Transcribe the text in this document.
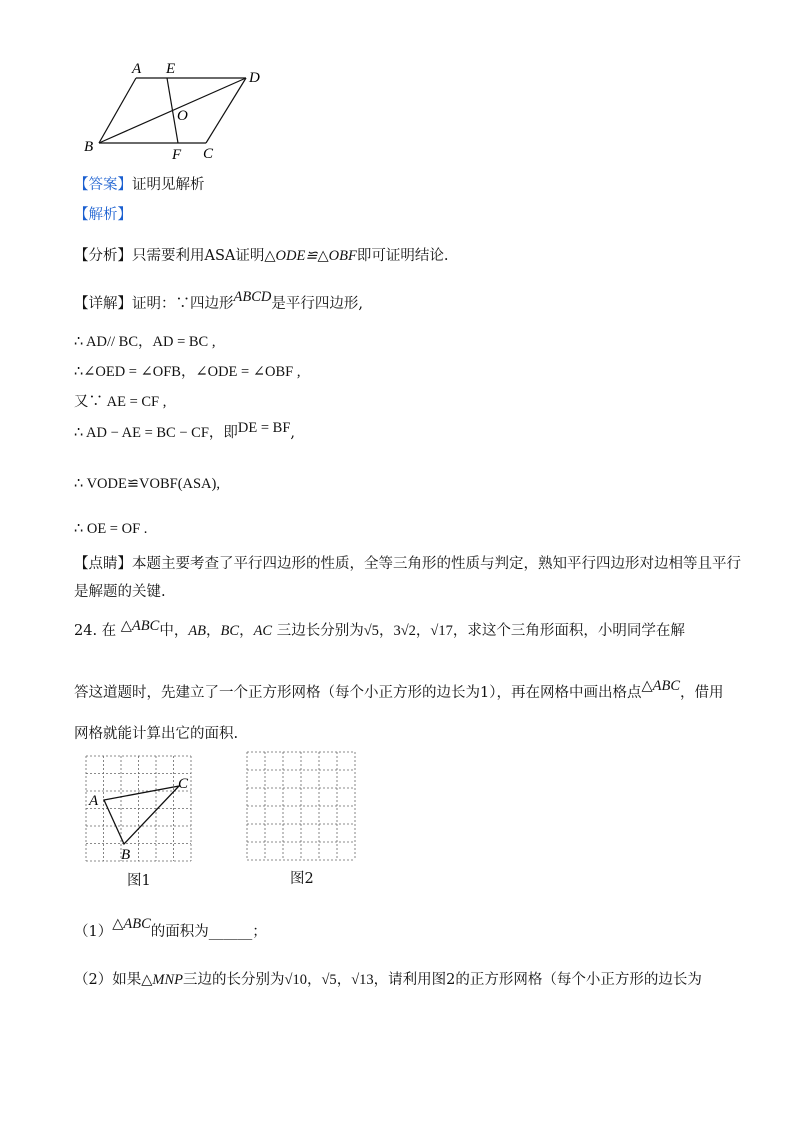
A E
D
O
B	F C
【答案】证明见解析
【解析】
【分析】只需要利用ASA证明△ODE≌△OBF即可证明结论.
【详解】证明：∵四边形ABCD是平行四边形,
∴ AD// BC，AD = BC ,
∴∠OED = ∠OFB，∠ODE = ∠OBF ,
又∵ AE = CF ,
∴ AD − AE = BC − CF，即DE = BF,
∴ VODE≌VOBF(ASA),
∴ OE = OF .
【点睛】本题主要考查了平行四边形的性质，全等三角形的性质与判定，熟知平行四边形对边相等且平行
是解题的关键.
24. 在 △ABC中，AB，BC，AC 三边长分别为√5，3√2，√17，求这个三角形面积，小明同学在解
答这道题时，先建立了一个正方形网格（每个小正方形的边长为1），再在网格中画出格点△ABC，借用
网格就能计算出它的面积.
A
C
B
图1	图2
（1）△ABC的面积为______；
（2）如果△MNP三边的长分别为√10，√5，√13，请利用图2的正方形网格（每个小正方形的边长为
